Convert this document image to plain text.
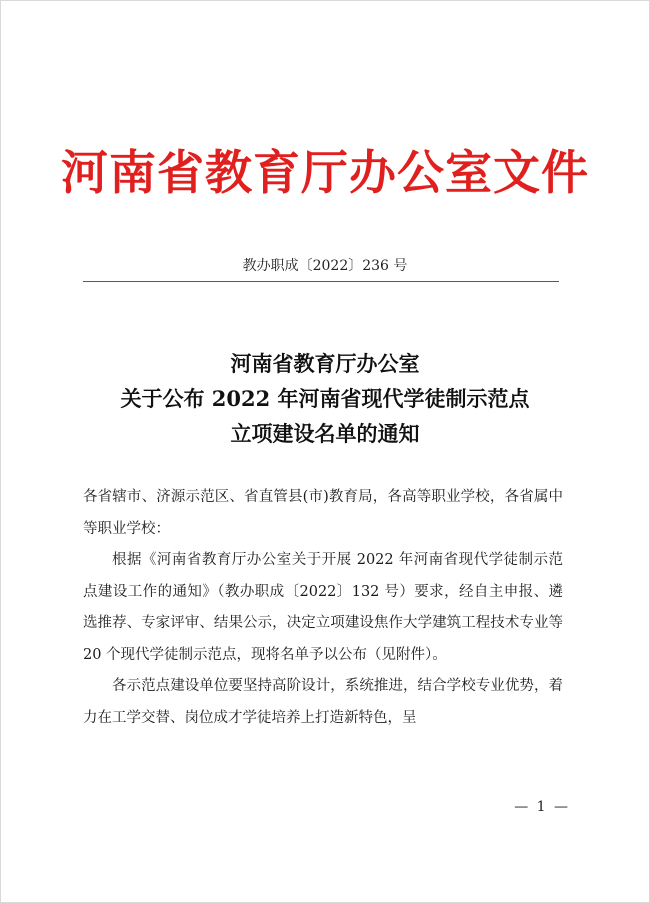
河南省教育厅办公室文件
教办职成〔2022〕236 号
河南省教育厅办公室
关于公布 2022 年河南省现代学徒制示范点
立项建设名单的通知

各省辖市、济源示范区、省直管县(市)教育局，各高等职业学校，各省属中等职业学校：

根据《河南省教育厅办公室关于开展 2022 年河南省现代学徒制示范点建设工作的通知》（教办职成〔2022〕132 号）要求，经自主申报、遴选推荐、专家评审、结果公示，决定立项建设焦作大学建筑工程技术专业等 20 个现代学徒制示范点，现将名单予以公布（见附件）。

各示范点建设单位要坚持高阶设计，系统推进，结合学校专业优势，着力在工学交替、岗位成才学徒培养上打造新特色，呈

— 1 —
